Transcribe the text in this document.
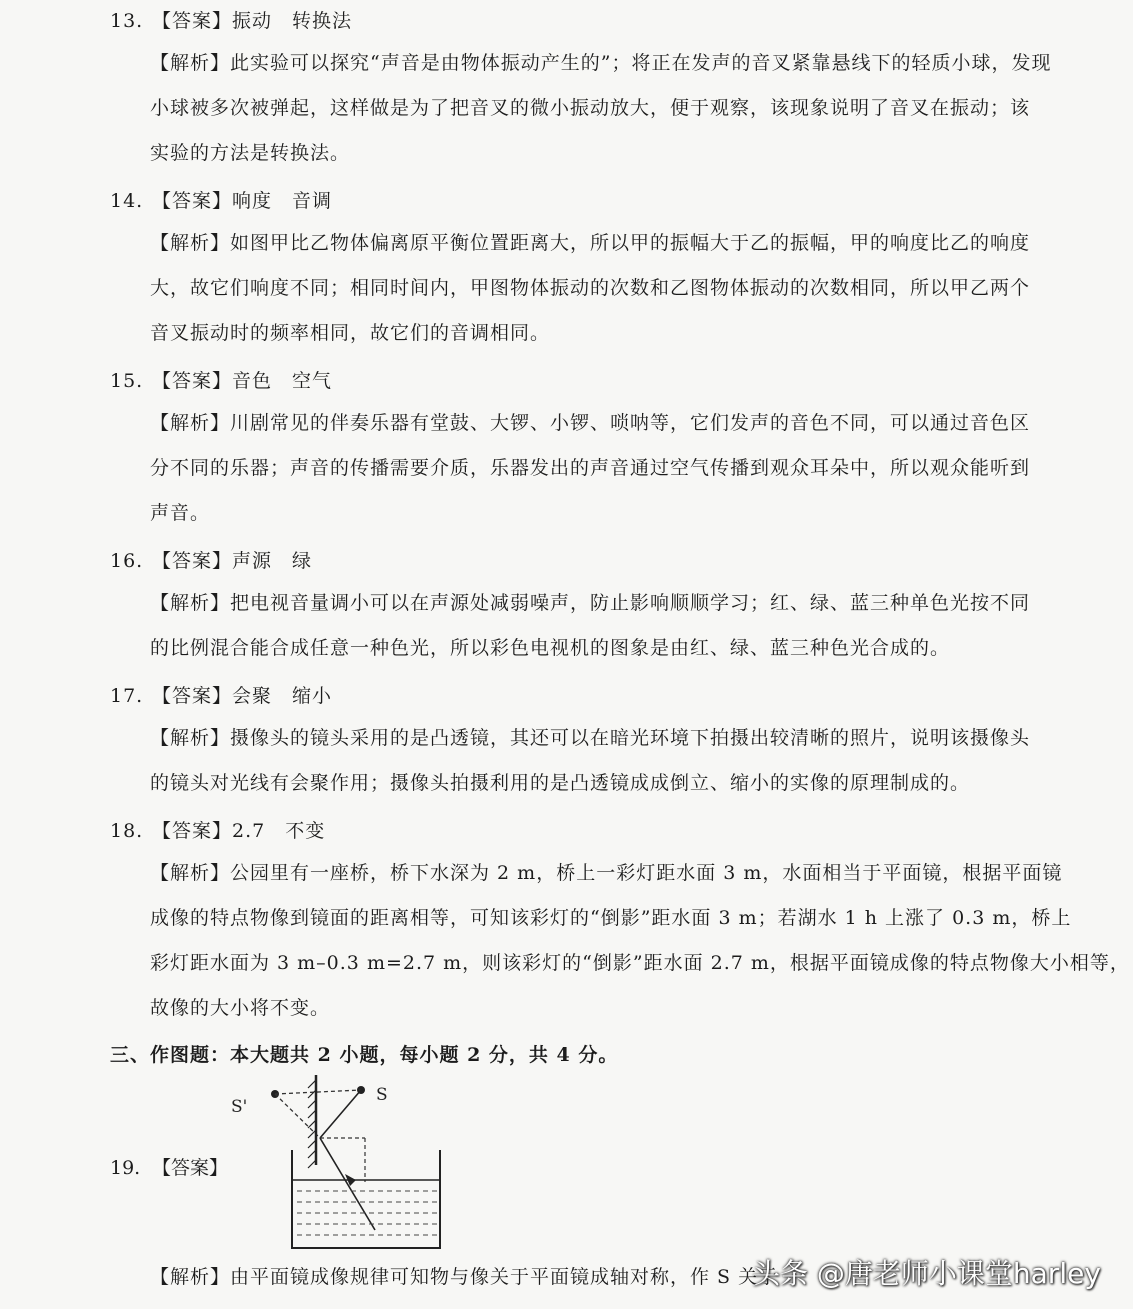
13. 【答案】振动 转换法
【解析】此实验可以探究“声音是由物体振动产生的”；将正在发声的音叉紧靠悬线下的轻质小球，发现
小球被多次被弹起，这样做是为了把音叉的微小振动放大，便于观察，该现象说明了音叉在振动；该
实验的方法是转换法。
14. 【答案】响度 音调
【解析】如图甲比乙物体偏离原平衡位置距离大，所以甲的振幅大于乙的振幅，甲的响度比乙的响度
大，故它们响度不同；相同时间内，甲图物体振动的次数和乙图物体振动的次数相同，所以甲乙两个
音叉振动时的频率相同，故它们的音调相同。
15. 【答案】音色 空气
【解析】川剧常见的伴奏乐器有堂鼓、大锣、小锣、唢呐等，它们发声的音色不同，可以通过音色区
分不同的乐器；声音的传播需要介质，乐器发出的声音通过空气传播到观众耳朵中，所以观众能听到
声音。
16. 【答案】声源 绿
【解析】把电视音量调小可以在声源处减弱噪声，防止影响顺顺学习；红、绿、蓝三种单色光按不同
的比例混合能合成任意一种色光，所以彩色电视机的图象是由红、绿、蓝三种色光合成的。
17. 【答案】会聚 缩小
【解析】摄像头的镜头采用的是凸透镜，其还可以在暗光环境下拍摄出较清晰的照片，说明该摄像头
的镜头对光线有会聚作用；摄像头拍摄利用的是凸透镜成成倒立、缩小的实像的原理制成的。
18. 【答案】2.7 不变
【解析】公园里有一座桥，桥下水深为 2 m，桥上一彩灯距水面 3 m，水面相当于平面镜，根据平面镜
成像的特点物像到镜面的距离相等，可知该彩灯的“倒影”距水面 3 m；若湖水 1 h 上涨了 0.3 m，桥上
彩灯距水面为 3 m–0.3 m=2.7 m，则该彩灯的“倒影”距水面 2.7 m，根据平面镜成像的特点物像大小相等，
故像的大小将不变。
三、作图题：本大题共 2 小题，每小题 2 分，共 4 分。
19. 【答案】
S'
S
【解析】由平面镜成像规律可知物与像关于平面镜成轴对称，作 S 关于
头条 @唐老师小课堂harley
